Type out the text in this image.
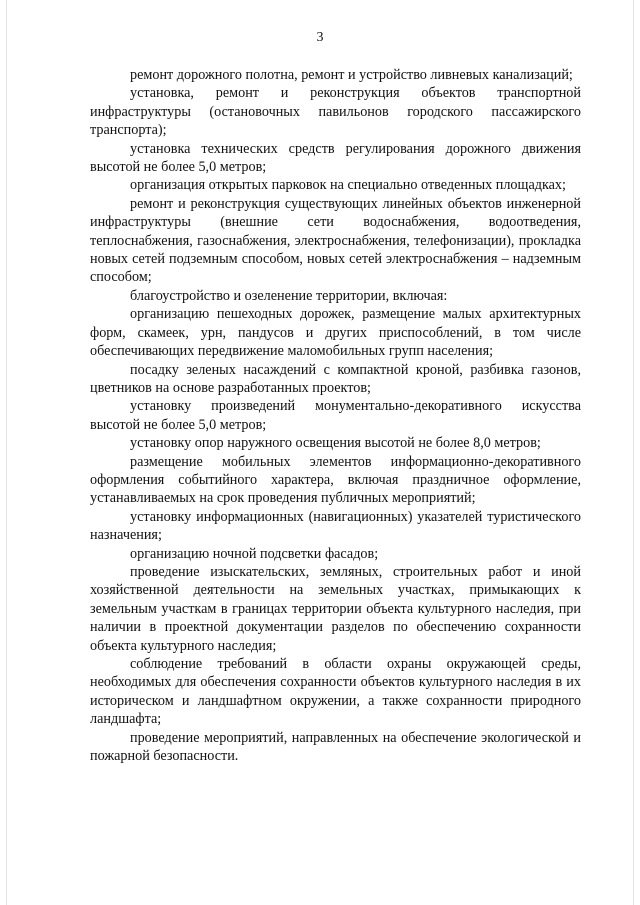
3

ремонт дорожного полотна, ремонт и устройство ливневых канализаций;

установка, ремонт и реконструкция объектов транспортной инфраструктуры (остановочных павильонов городского пассажирского транспорта);

установка технических средств регулирования дорожного движения высотой не более 5,0 метров;

организация открытых парковок на специально отведенных площадках;

ремонт и реконструкция существующих линейных объектов инженерной инфраструктуры (внешние сети водоснабжения, водоотведения, теплоснабжения, газоснабжения, электроснабжения, телефонизации), прокладка новых сетей подземным способом, новых сетей электроснабжения – надземным способом;

благоустройство и озеленение территории, включая:

организацию пешеходных дорожек, размещение малых архитектурных форм, скамеек, урн, пандусов и других приспособлений, в том числе обеспечивающих передвижение маломобильных групп населения;

посадку зеленых насаждений с компактной кроной, разбивка газонов, цветников на основе разработанных проектов;

установку произведений монументально-декоративного искусства высотой не более 5,0 метров;

установку опор наружного освещения высотой не более 8,0 метров;

размещение мобильных элементов информационно-декоративного оформления событийного характера, включая праздничное оформление, устанавливаемых на срок проведения публичных мероприятий;

установку информационных (навигационных) указателей туристического назначения;

организацию ночной подсветки фасадов;

проведение изыскательских, земляных, строительных работ и иной хозяйственной деятельности на земельных участках, примыкающих к земельным участкам в границах территории объекта культурного наследия, при наличии в проектной документации разделов по обеспечению сохранности объекта культурного наследия;

соблюдение требований в области охраны окружающей среды, необходимых для обеспечения сохранности объектов культурного наследия в их историческом и ландшафтном окружении, а также сохранности природного ландшафта;

проведение мероприятий, направленных на обеспечение экологической и пожарной безопасности.
